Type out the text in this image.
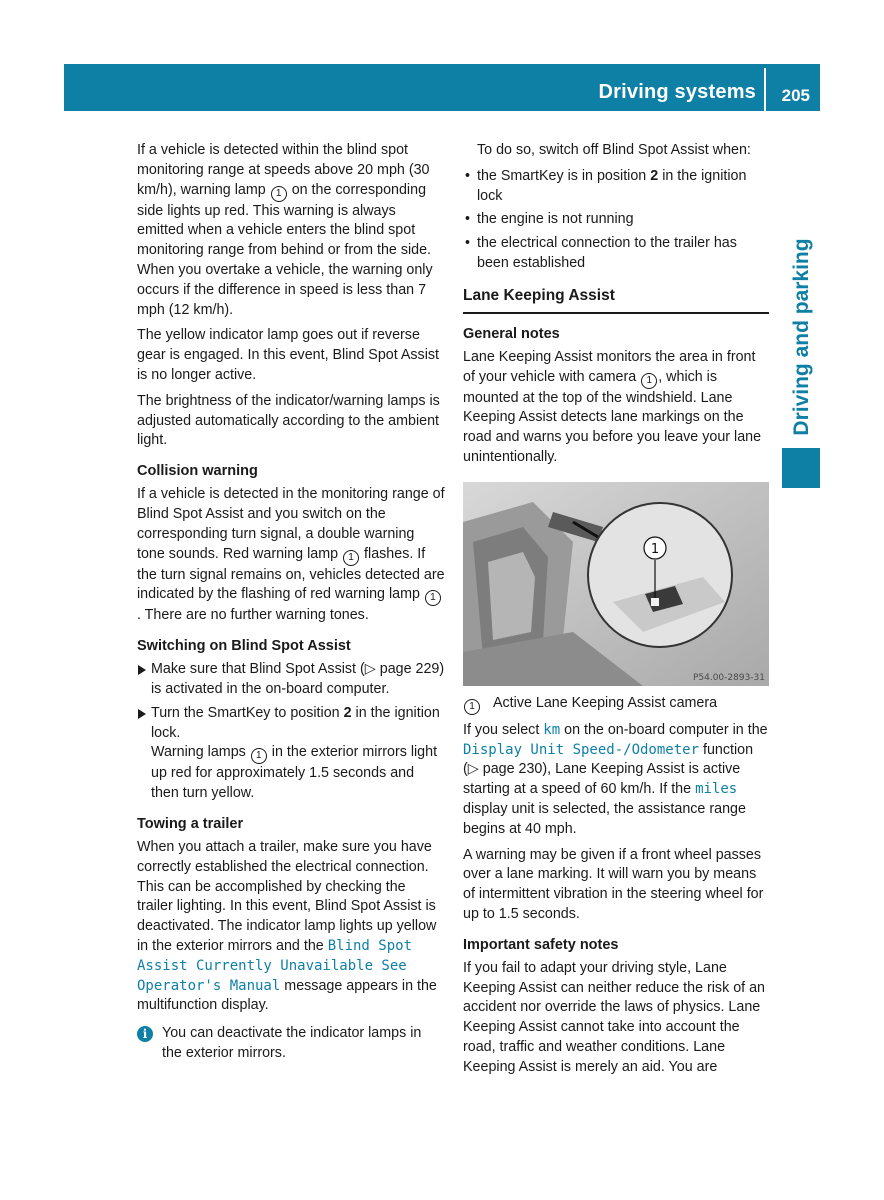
Driving systems 205
Driving and parking

If a vehicle is detected within the blind spot monitoring range at speeds above 20 mph (30 km/h), warning lamp 1 on the corresponding side lights up red. This warning is always emitted when a vehicle enters the blind spot monitoring range from behind or from the side. When you overtake a vehicle, the warning only occurs if the difference in speed is less than 7 mph (12 km/h).

The yellow indicator lamp goes out if reverse gear is engaged. In this event, Blind Spot Assist is no longer active.

The brightness of the indicator/warning lamps is adjusted automatically according to the ambient light.

Collision warning

If a vehicle is detected in the monitoring range of Blind Spot Assist and you switch on the corresponding turn signal, a double warning tone sounds. Red warning lamp 1 flashes. If the turn signal remains on, vehicles detected are indicated by the flashing of red warning lamp 1. There are no further warning tones.

Switching on Blind Spot Assist
Make sure that Blind Spot Assist (▷ page 229) is activated in the on-board computer.
Turn the SmartKey to position 2 in the ignition lock.
Warning lamps 1 in the exterior mirrors light up red for approximately 1.5 seconds and then turn yellow.
Towing a trailer

When you attach a trailer, make sure you have correctly established the electrical connection. This can be accomplished by checking the trailer lighting. In this event, Blind Spot Assist is deactivated. The indicator lamp lights up yellow in the exterior mirrors and the Blind Spot Assist Currently Unavailable See Operator's Manual message appears in the multifunction display.

i	You can deactivate the indicator lamps in the exterior mirrors.

To do so, switch off Blind Spot Assist when:

• the SmartKey is in position 2 in the ignition lock
• the engine is not running
• the electrical connection to the trailer has been established
Lane Keeping Assist
General notes

Lane Keeping Assist monitors the area in front of your vehicle with camera 1 , which is mounted at the top of the windshield. Lane Keeping Assist detects lane markings on the road and warns you before you leave your lane unintentionally.

1
P54.00-2893-31
1 Active Lane Keeping Assist camera

If you select km on the on-board computer in the Display Unit Speed-/Odometer function (▷ page 230), Lane Keeping Assist is active starting at a speed of 60 km/h. If the miles display unit is selected, the assistance range begins at 40 mph.

A warning may be given if a front wheel passes over a lane marking. It will warn you by means of intermittent vibration in the steering wheel for up to 1.5 seconds.

Important safety notes

If you fail to adapt your driving style, Lane Keeping Assist can neither reduce the risk of an accident nor override the laws of physics. Lane Keeping Assist cannot take into account the road, traffic and weather conditions. Lane Keeping Assist is merely an aid. You are
